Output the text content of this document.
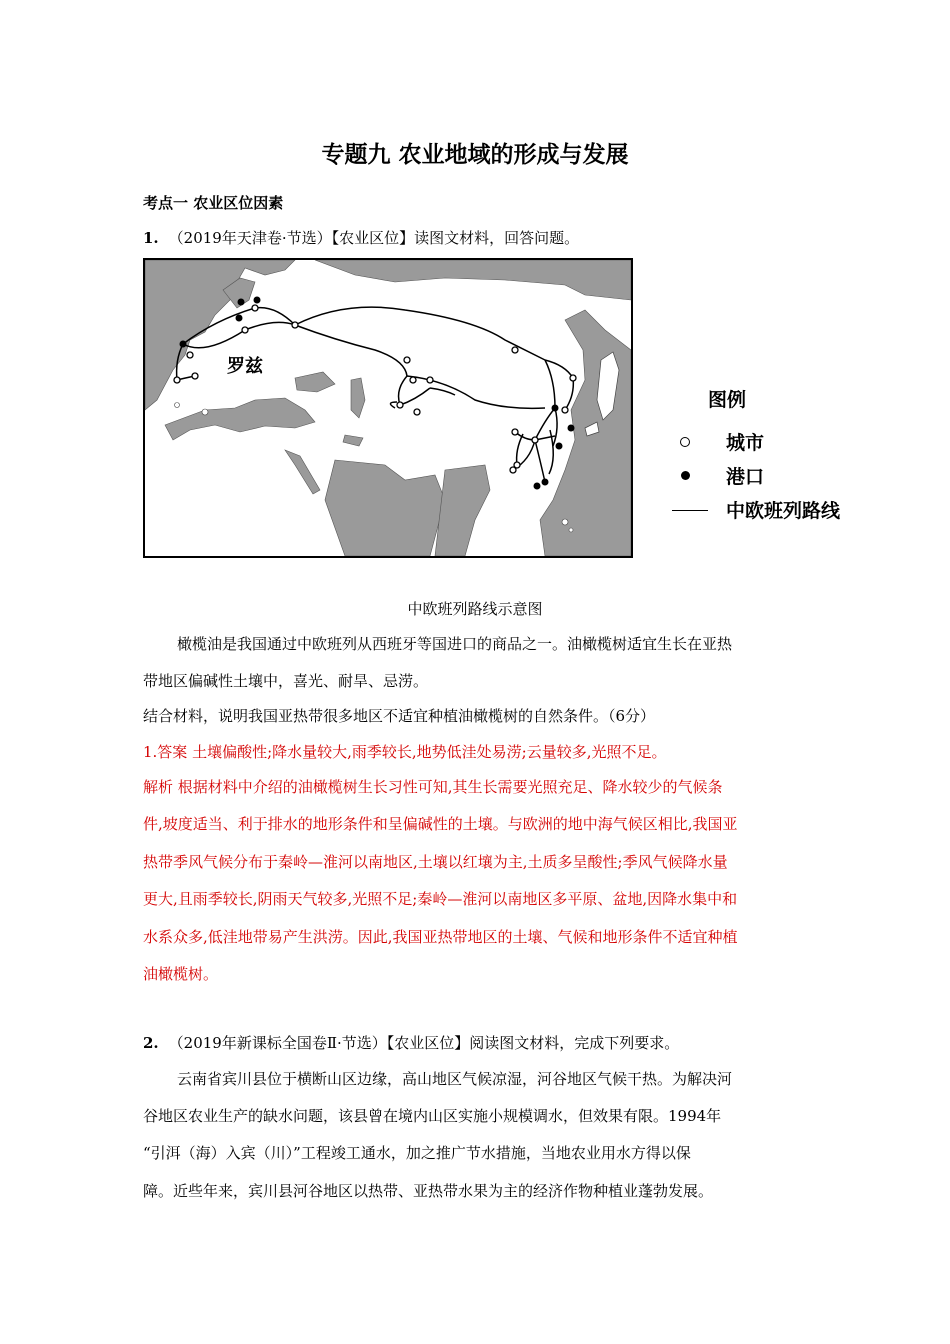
专题九 农业地域的形成与发展
考点一 农业区位因素
1. （2019年天津卷·节选）【农业区位】读图文材料，回答问题。
罗兹
图例
城市
港口
中欧班列路线
中欧班列路线示意图
橄榄油是我国通过中欧班列从西班牙等国进口的商品之一。油橄榄树适宜生长在亚热
带地区偏碱性土壤中，喜光、耐旱、忌涝。
结合材料，说明我国亚热带很多地区不适宜种植油橄榄树的自然条件。（6分）
1.答案 土壤偏酸性;降水量较大,雨季较长,地势低洼处易涝;云量较多,光照不足。
解析 根据材料中介绍的油橄榄树生长习性可知,其生长需要光照充足、降水较少的气候条
件,坡度适当、利于排水的地形条件和呈偏碱性的土壤。与欧洲的地中海气候区相比,我国亚
热带季风气候分布于秦岭—淮河以南地区,土壤以红壤为主,土质多呈酸性;季风气候降水量
更大,且雨季较长,阴雨天气较多,光照不足;秦岭—淮河以南地区多平原、盆地,因降水集中和
水系众多,低洼地带易产生洪涝。因此,我国亚热带地区的土壤、气候和地形条件不适宜种植
油橄榄树。
2. （2019年新课标全国卷Ⅱ·节选）【农业区位】阅读图文材料，完成下列要求。
云南省宾川县位于横断山区边缘，高山地区气候凉湿，河谷地区气候干热。为解决河
谷地区农业生产的缺水问题，该县曾在境内山区实施小规模调水，但效果有限。1994年
“引洱（海）入宾（川）”工程竣工通水，加之推广节水措施，当地农业用水方得以保
障。近些年来，宾川县河谷地区以热带、亚热带水果为主的经济作物种植业蓬勃发展。
